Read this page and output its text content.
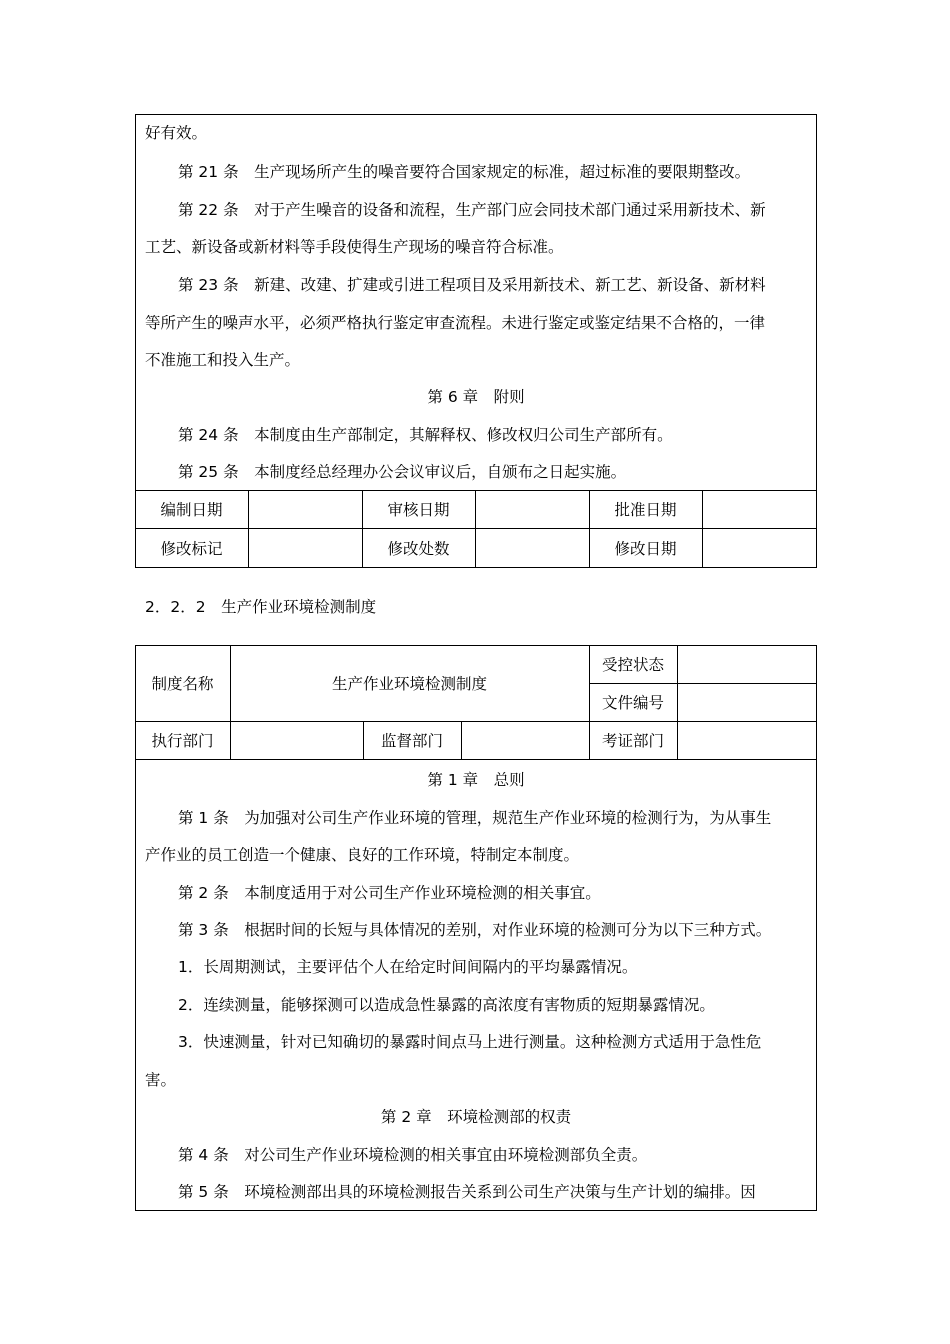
好有效。
第 21 条　生产现场所产生的噪音要符合国家规定的标准，超过标准的要限期整改。
第 22 条　对于产生噪音的设备和流程，生产部门应会同技术部门通过采用新技术、新
工艺、新设备或新材料等手段使得生产现场的噪音符合标准。
第 23 条　新建、改建、扩建或引进工程项目及采用新技术、新工艺、新设备、新材料
等所产生的噪声水平，必须严格执行鉴定审查流程。未进行鉴定或鉴定结果不合格的，一律
不准施工和投入生产。
第 6 章　附则
第 24 条　本制度由生产部制定，其解释权、修改权归公司生产部所有。
第 25 条　本制度经总经理办公会议审议后，自颁布之日起实施。
编制日期	审核日期	批准日期
修改标记	修改处数	修改日期
2．2．2　生产作业环境检测制度
制度名称	生产作业环境检测制度
受控状态
文件编号
执行部门	监督部门	考证部门
第 1 章　总则
第 1 条　为加强对公司生产作业环境的管理，规范生产作业环境的检测行为，为从事生
产作业的员工创造一个健康、良好的工作环境，特制定本制度。
第 2 条　本制度适用于对公司生产作业环境检测的相关事宜。
第 3 条　根据时间的长短与具体情况的差别，对作业环境的检测可分为以下三种方式。
1．长周期测试，主要评估个人在给定时间间隔内的平均暴露情况。
2．连续测量，能够探测可以造成急性暴露的高浓度有害物质的短期暴露情况。
3．快速测量，针对已知确切的暴露时间点马上进行测量。这种检测方式适用于急性危
害。
第 2 章　环境检测部的权责
第 4 条　对公司生产作业环境检测的相关事宜由环境检测部负全责。
第 5 条　环境检测部出具的环境检测报告关系到公司生产决策与生产计划的编排。因
